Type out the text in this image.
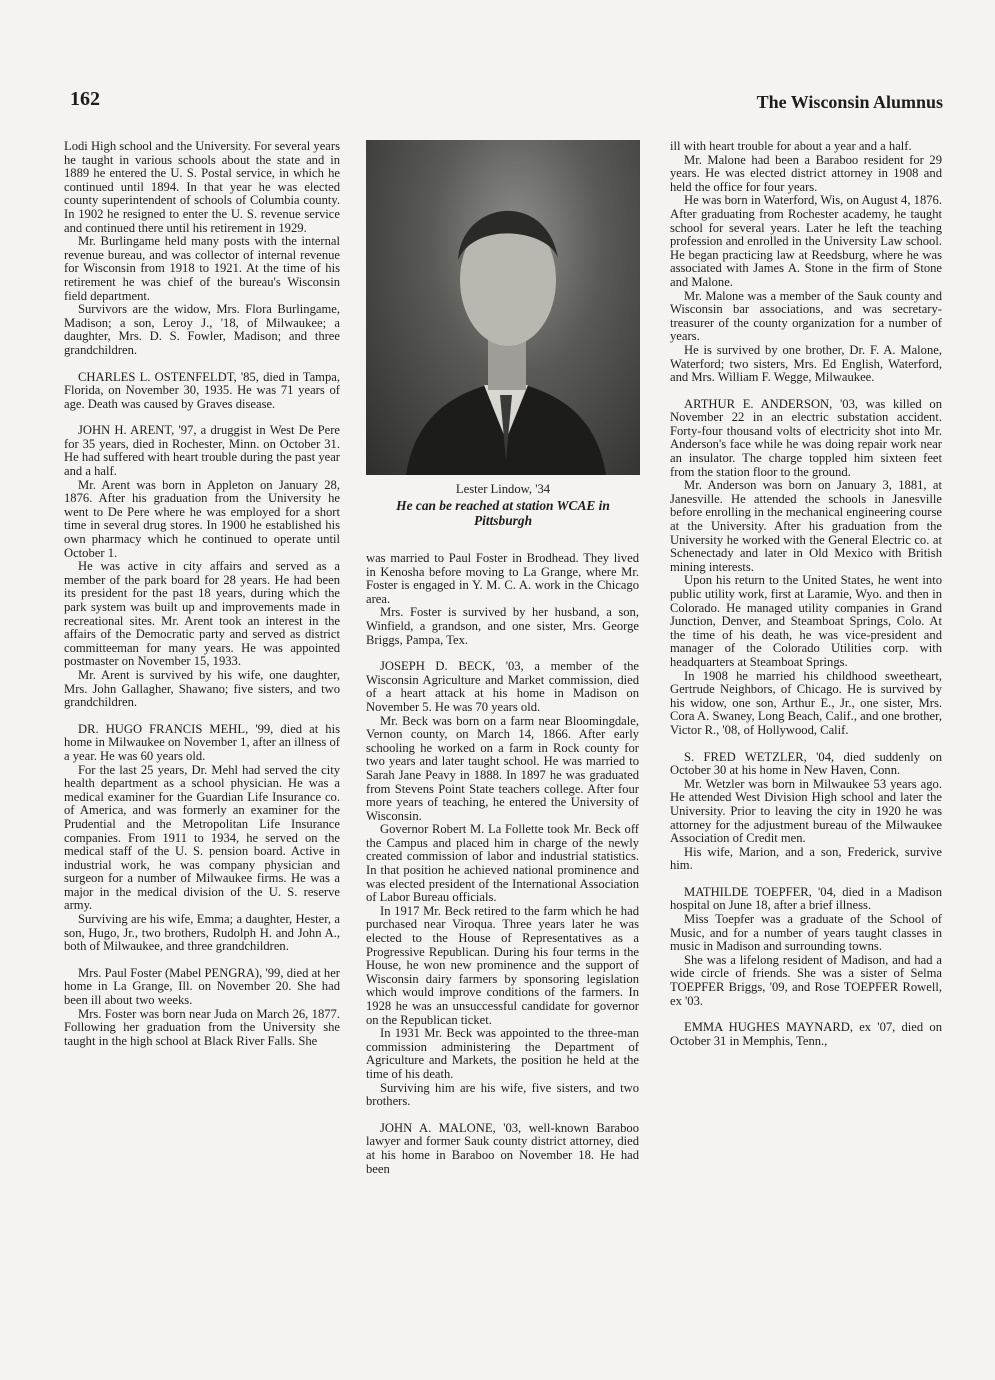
162	The Wisconsin Alumnus

Lodi High school and the University. For several years he taught in various schools about the state and in 1889 he entered the U. S. Postal service, in which he continued until 1894. In that year he was elected county superintendent of schools of Columbia county. In 1902 he resigned to enter the U. S. revenue service and continued there until his retirement in 1929.

Mr. Burlingame held many posts with the internal revenue bureau, and was collector of internal revenue for Wisconsin from 1918 to 1921. At the time of his retirement he was chief of the bureau's Wisconsin field department.

Survivors are the widow, Mrs. Flora Burlingame, Madison; a son, Leroy J., '18, of Milwaukee; a daughter, Mrs. D. S. Fowler, Madison; and three grandchildren.

CHARLES L. OSTENFELDT, '85, died in Tampa, Florida, on November 30, 1935. He was 71 years of age. Death was caused by Graves disease.

JOHN H. ARENT, '97, a druggist in West De Pere for 35 years, died in Rochester, Minn. on October 31. He had suffered with heart trouble during the past year and a half.

Mr. Arent was born in Appleton on January 28, 1876. After his graduation from the University he went to De Pere where he was employed for a short time in several drug stores. In 1900 he established his own pharmacy which he continued to operate until October 1.

He was active in city affairs and served as a member of the park board for 28 years. He had been its president for the past 18 years, during which the park system was built up and improvements made in recreational sites. Mr. Arent took an interest in the affairs of the Democratic party and served as district committeeman for many years. He was appointed postmaster on November 15, 1933.

Mr. Arent is survived by his wife, one daughter, Mrs. John Gallagher, Shawano; five sisters, and two grandchildren.

DR. HUGO FRANCIS MEHL, '99, died at his home in Milwaukee on November 1, after an illness of a year. He was 60 years old.

For the last 25 years, Dr. Mehl had served the city health department as a school physician. He was a medical examiner for the Guardian Life Insurance co. of America, and was formerly an examiner for the Prudential and the Metropolitan Life Insurance companies. From 1911 to 1934, he served on the medical staff of the U. S. pension board. Active in industrial work, he was company physician and surgeon for a number of Milwaukee firms. He was a major in the medical division of the U. S. reserve army.

Surviving are his wife, Emma; a daughter, Hester, a son, Hugo, Jr., two brothers, Rudolph H. and John A., both of Milwaukee, and three grandchildren.

Mrs. Paul Foster (Mabel PENGRA), '99, died at her home in La Grange, Ill. on November 20. She had been ill about two weeks.

Mrs. Foster was born near Juda on March 26, 1877. Following her graduation from the University she taught in the high school at Black River Falls. She

Lester Lindow, '34
He can be reached at station WCAE in Pittsburgh

was married to Paul Foster in Brodhead. They lived in Kenosha before moving to La Grange, where Mr. Foster is engaged in Y. M. C. A. work in the Chicago area.

Mrs. Foster is survived by her husband, a son, Winfield, a grandson, and one sister, Mrs. George Briggs, Pampa, Tex.

JOSEPH D. BECK, '03, a member of the Wisconsin Agriculture and Market commission, died of a heart attack at his home in Madison on November 5. He was 70 years old.

Mr. Beck was born on a farm near Bloomingdale, Vernon county, on March 14, 1866. After early schooling he worked on a farm in Rock county for two years and later taught school. He was married to Sarah Jane Peavy in 1888. In 1897 he was graduated from Stevens Point State teachers college. After four more years of teaching, he entered the University of Wisconsin.

Governor Robert M. La Follette took Mr. Beck off the Campus and placed him in charge of the newly created commission of labor and industrial statistics. In that position he achieved national prominence and was elected president of the International Association of Labor Bureau officials.

In 1917 Mr. Beck retired to the farm which he had purchased near Viroqua. Three years later he was elected to the House of Representatives as a Progressive Republican. During his four terms in the House, he won new prominence and the support of Wisconsin dairy farmers by sponsoring legislation which would improve conditions of the farmers. In 1928 he was an unsuccessful candidate for governor on the Republican ticket.

In 1931 Mr. Beck was appointed to the three-man commission administering the Department of Agriculture and Markets, the position he held at the time of his death.

Surviving him are his wife, five sisters, and two brothers.

JOHN A. MALONE, '03, well-known Baraboo lawyer and former Sauk county district attorney, died at his home in Baraboo on November 18. He had been

ill with heart trouble for about a year and a half.

Mr. Malone had been a Baraboo resident for 29 years. He was elected district attorney in 1908 and held the office for four years.

He was born in Waterford, Wis, on August 4, 1876. After graduating from Rochester academy, he taught school for several years. Later he left the teaching profession and enrolled in the University Law school. He began practicing law at Reedsburg, where he was associated with James A. Stone in the firm of Stone and Malone.

Mr. Malone was a member of the Sauk county and Wisconsin bar associations, and was secretary-treasurer of the county organization for a number of years.

He is survived by one brother, Dr. F. A. Malone, Waterford; two sisters, Mrs. Ed English, Waterford, and Mrs. William F. Wegge, Milwaukee.

ARTHUR E. ANDERSON, '03, was killed on November 22 in an electric substation accident. Forty-four thousand volts of electricity shot into Mr. Anderson's face while he was doing repair work near an insulator. The charge toppled him sixteen feet from the station floor to the ground.

Mr. Anderson was born on January 3, 1881, at Janesville. He attended the schools in Janesville before enrolling in the mechanical engineering course at the University. After his graduation from the University he worked with the General Electric co. at Schenectady and later in Old Mexico with British mining interests.

Upon his return to the United States, he went into public utility work, first at Laramie, Wyo. and then in Colorado. He managed utility companies in Grand Junction, Denver, and Steamboat Springs, Colo. At the time of his death, he was vice-president and manager of the Colorado Utilities corp. with headquarters at Steamboat Springs.

In 1908 he married his childhood sweetheart, Gertrude Neighbors, of Chicago. He is survived by his widow, one son, Arthur E., Jr., one sister, Mrs. Cora A. Swaney, Long Beach, Calif., and one brother, Victor R., '08, of Hollywood, Calif.

S. FRED WETZLER, '04, died suddenly on October 30 at his home in New Haven, Conn.

Mr. Wetzler was born in Milwaukee 53 years ago. He attended West Division High school and later the University. Prior to leaving the city in 1920 he was attorney for the adjustment bureau of the Milwaukee Association of Credit men.

His wife, Marion, and a son, Frederick, survive him.

MATHILDE TOEPFER, '04, died in a Madison hospital on June 18, after a brief illness.

Miss Toepfer was a graduate of the School of Music, and for a number of years taught classes in music in Madison and surrounding towns.

She was a lifelong resident of Madison, and had a wide circle of friends. She was a sister of Selma TOEPFER Briggs, '09, and Rose TOEPFER Rowell, ex '03.

EMMA HUGHES MAYNARD, ex '07, died on October 31 in Memphis, Tenn.,
